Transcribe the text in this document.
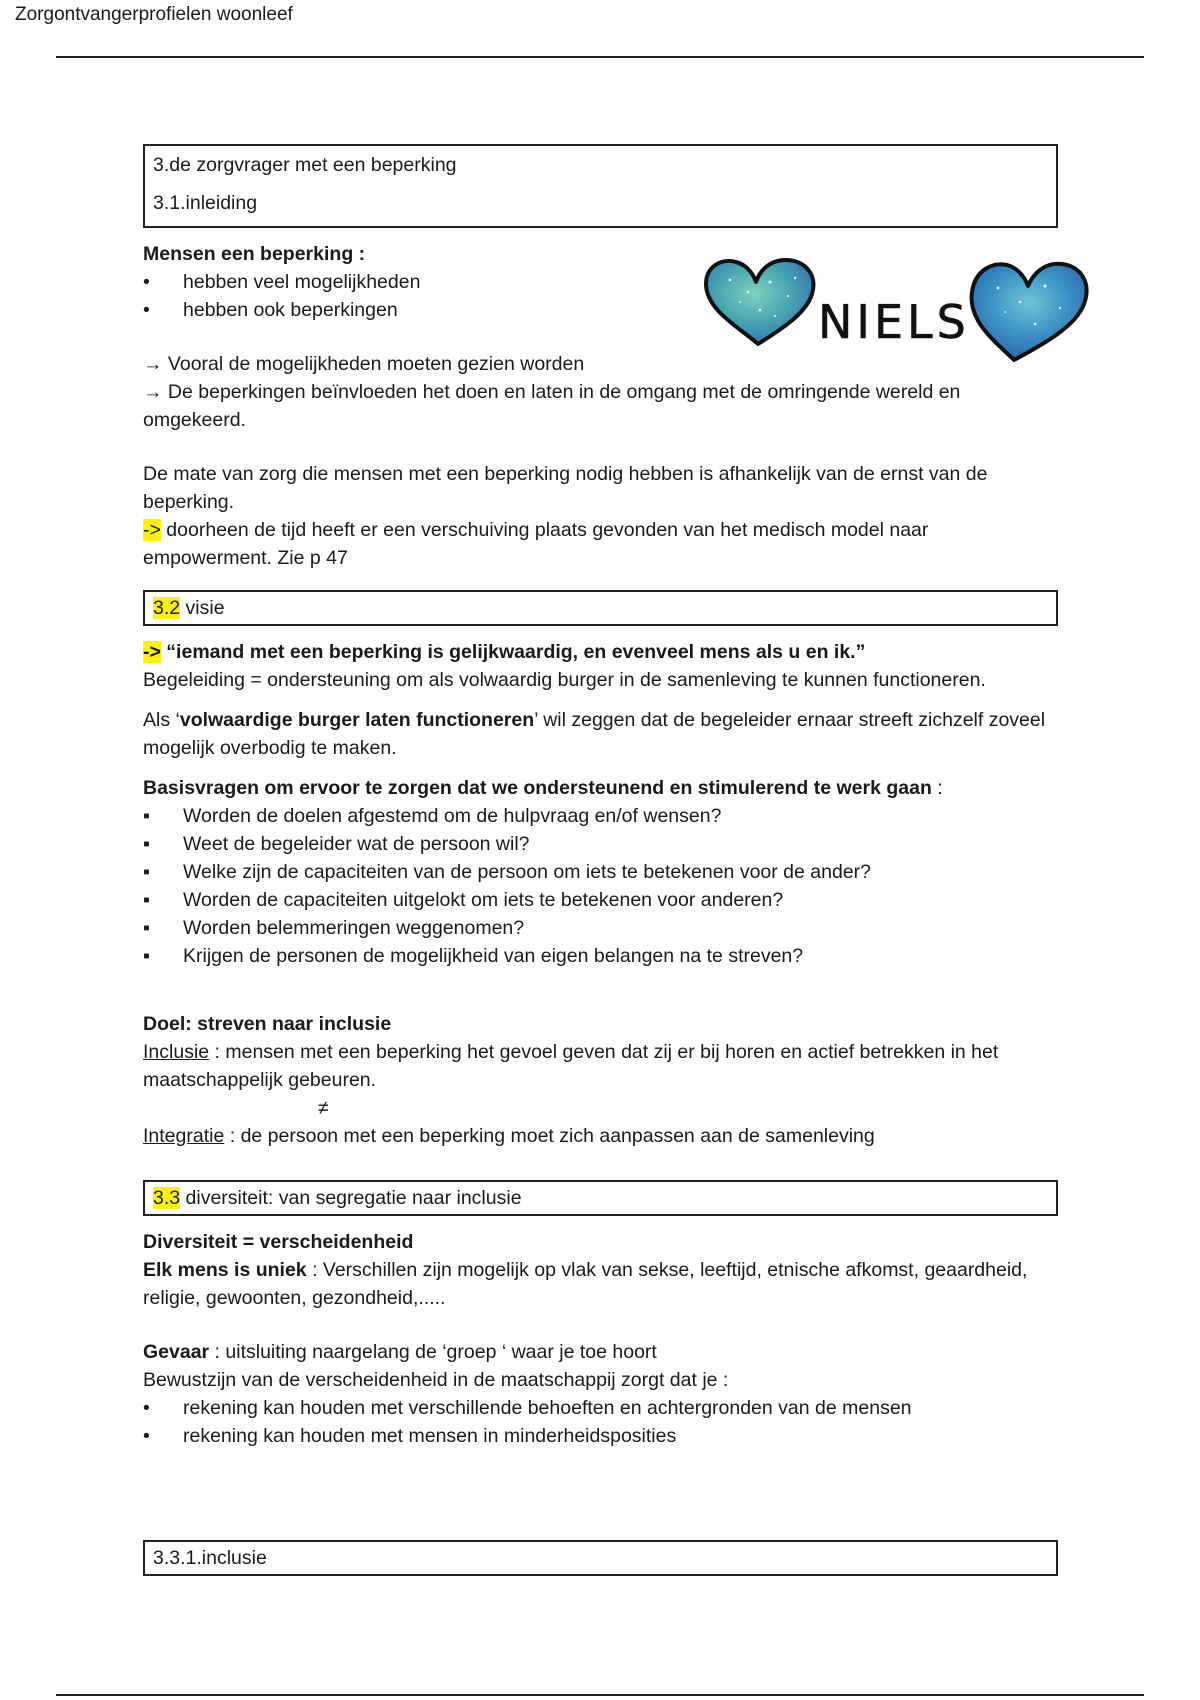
Zorgontvangerprofielen woonleef
NIELS
3.de zorgvrager met een beperking
3.1.inleiding

Mensen een beperking :

• hebben veel mogelijkheden
• hebben ook beperkingen

→ Vooral de mogelijkheden moeten gezien worden

→ De beperkingen beïnvloeden het doen en laten in de omgang met de omringende wereld en omgekeerd.

De mate van zorg die mensen met een beperking nodig hebben is afhankelijk van de ernst van de beperking.

-> doorheen de tijd heeft er een verschuiving plaats gevonden van het medisch model naar empowerment. Zie p 47

3.2 visie

-> “iemand met een beperking is gelijkwaardig, en evenveel mens als u en ik.”

Begeleiding = ondersteuning om als volwaardig burger in de samenleving te kunnen functioneren.

Als ‘volwaardige burger laten functioneren’ wil zeggen dat de begeleider ernaar streeft zichzelf zoveel mogelijk overbodig te maken.

Basisvragen om ervoor te zorgen dat we ondersteunend en stimulerend te werk gaan :

▪ Worden de doelen afgestemd om de hulpvraag en/of wensen?
▪ Weet de begeleider wat de persoon wil?
▪ Welke zijn de capaciteiten van de persoon om iets te betekenen voor de ander?
▪ Worden de capaciteiten uitgelokt om iets te betekenen voor anderen?
▪ Worden belemmeringen weggenomen?
▪ Krijgen de personen de mogelijkheid van eigen belangen na te streven?

Doel: streven naar inclusie

Inclusie : mensen met een beperking het gevoel geven dat zij er bij horen en actief betrekken in het maatschappelijk gebeuren.

≠

Integratie : de persoon met een beperking moet zich aanpassen aan de samenleving

3.3 diversiteit: van segregatie naar inclusie

Diversiteit = verscheidenheid

Elk mens is uniek : Verschillen zijn mogelijk op vlak van sekse, leeftijd, etnische afkomst, geaardheid, religie, gewoonten, gezondheid,.....

Gevaar : uitsluiting naargelang de ‘groep ‘ waar je toe hoort

Bewustzijn van de verscheidenheid in de maatschappij zorgt dat je :

• rekening kan houden met verschillende behoeften en achtergronden van de mensen
• rekening kan houden met mensen in minderheidsposities
3.3.1.inclusie
